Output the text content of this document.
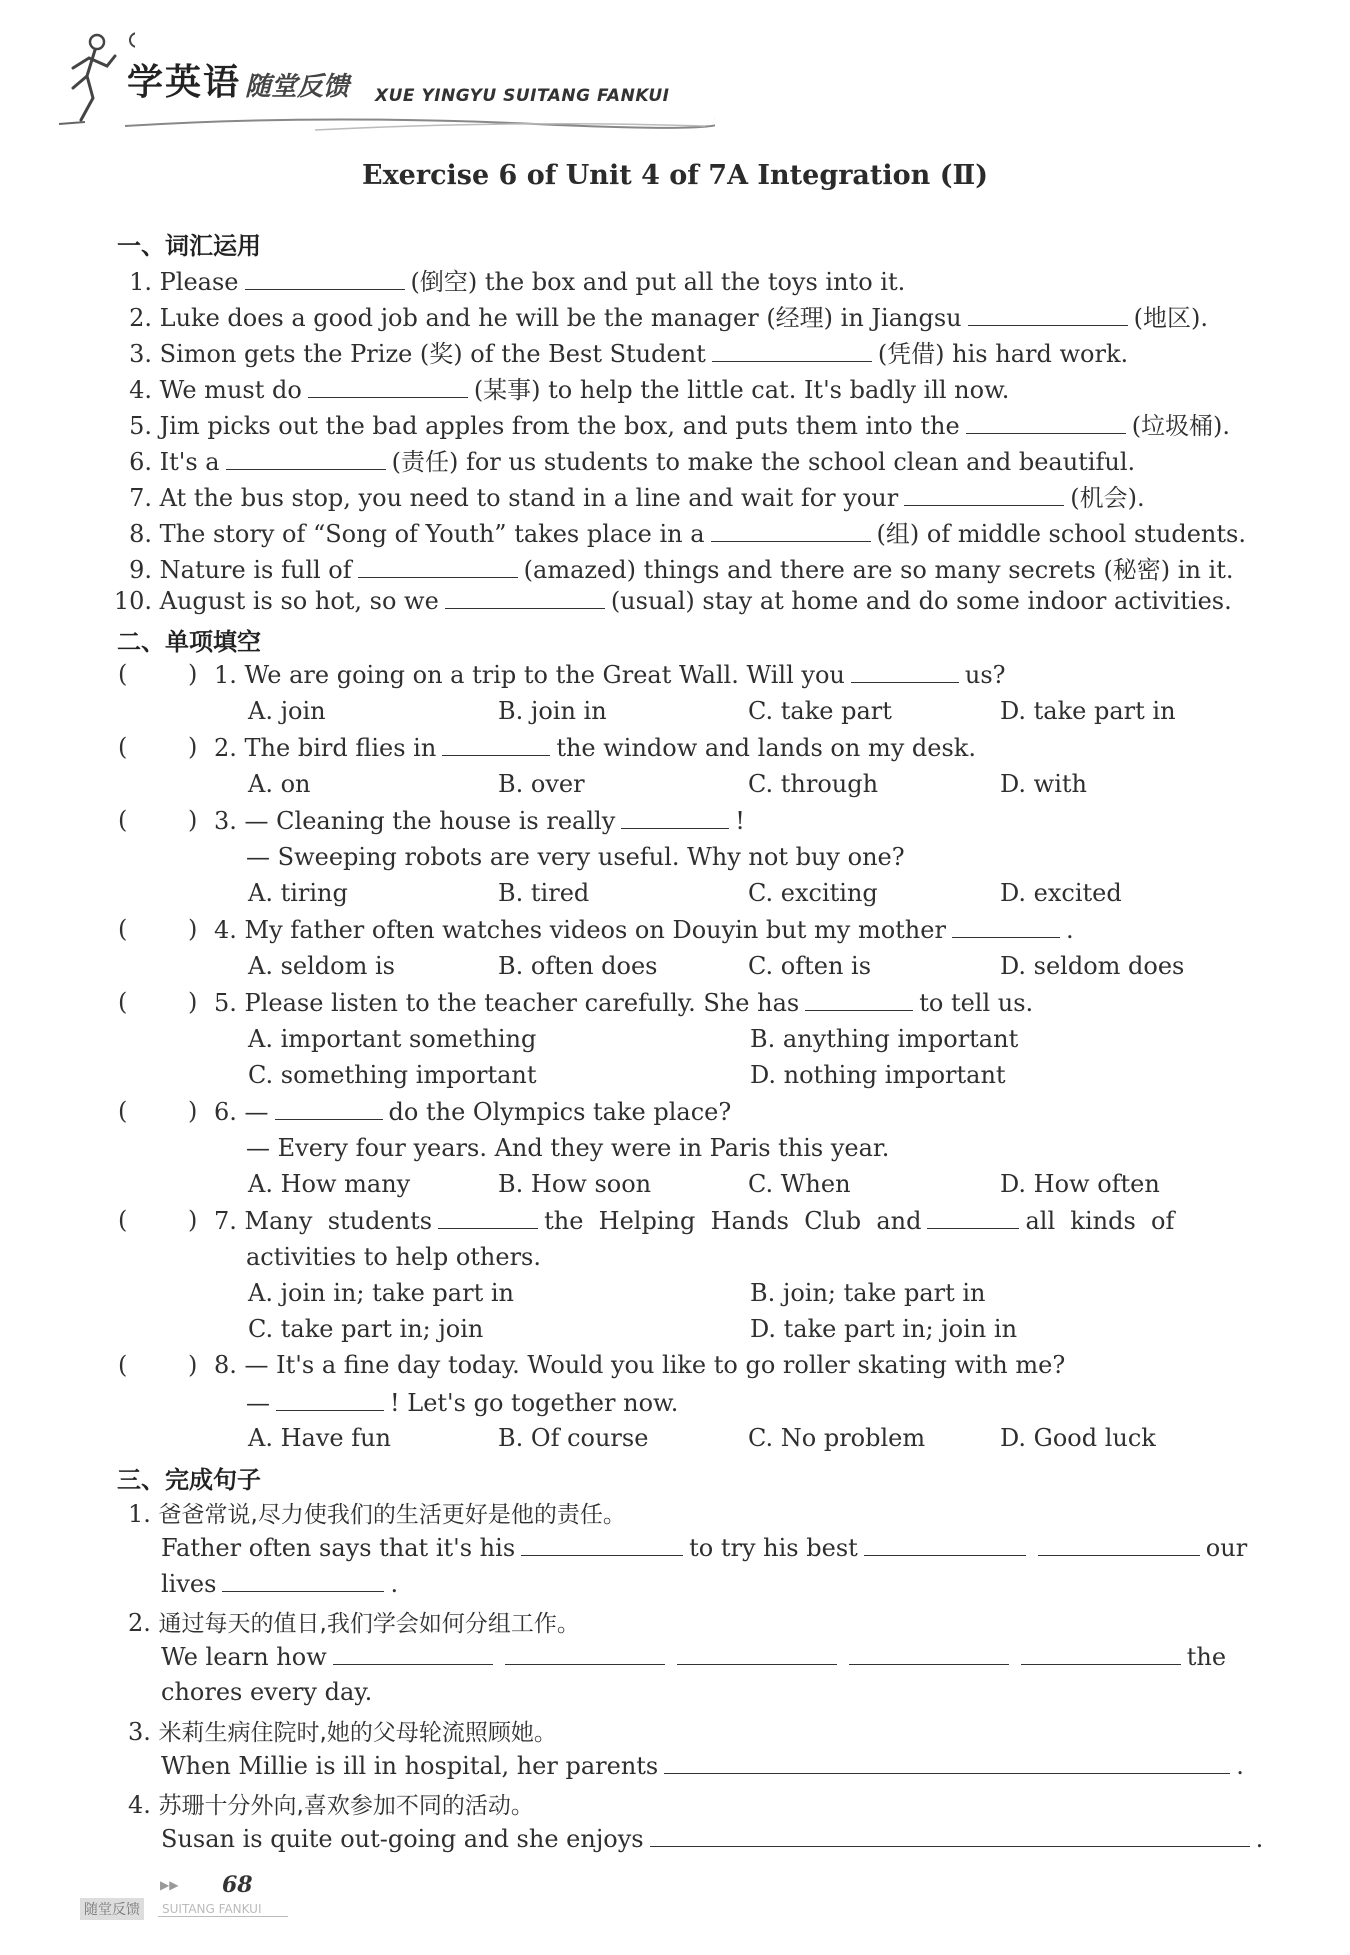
学英语 随堂反馈 XUE YINGYU SUITANG FANKUI
Exercise 6 of Unit 4 of 7A Integration (Ⅱ)
一、词汇运用
1. Please	(倒空) the box and put all the toys into it.
2. Luke does a good job and he will be the manager (经理) in Jiangsu	(地区).
3. Simon gets the Prize (奖) of the Best Student	(凭借) his hard work.
4. We must do	(某事) to help the little cat. It's badly ill now.
5. Jim picks out the bad apples from the box, and puts them into the	(垃圾桶).
6. It's a	(责任) for us students to make the school clean and beautiful.
7. At the bus stop, you need to stand in a line and wait for your	(机会).
8. The story of “Song of Youth” takes place in a	(组) of middle school students.
9. Nature is full of	(amazed) things and there are so many secrets (秘密) in it.
10. August is so hot, so we	(usual) stay at home and do some indoor activities.
二、单项填空
(	) 1. We are going on a trip to the Great Wall. Will you	us?
A. join	B. join in	C. take part	D. take part in
(	) 2. The bird flies in	the window and lands on my desk.
A. on	B. over	C. through	D. with
(	) 3. — Cleaning the house is really	!
— Sweeping robots are very useful. Why not buy one?
A. tiring	B. tired	C. exciting	D. excited
(	) 4. My father often watches videos on Douyin but my mother	.
A. seldom is	B. often does	C. often is	D. seldom does
(	) 5. Please listen to the teacher carefully. She has	to tell us.
A. important something	B. anything important
C. something important	D. nothing important
(	) 6. —	do the Olympics take place?
— Every four years. And they were in Paris this year.
A. How many	B. How soon	C. When	D. How often
(	) 7. Many  students	the  Helping  Hands  Club  and	all  kinds  of
activities to help others.
A. join in; take part in	B. join; take part in
C. take part in; join	D. take part in; join in
(	) 8. — It's a fine day today. Would you like to go roller skating with me?
—	! Let's go together now.
A. Have fun	B. Of course	C. No problem	D. Good luck
三、完成句子
1. 爸爸常说,尽力使我们的生活更好是他的责任。
Father often says that it's his	to try his best	our
lives	.
2. 通过每天的值日,我们学会如何分组工作。
We learn how	the
chores every day.
3. 米莉生病住院时,她的父母轮流照顾她。
When Millie is ill in hospital, her parents	.
4. 苏珊十分外向,喜欢参加不同的活动。
Susan is quite out-going and she enjoys	.
▶▶ 68
随堂反馈	SUITANG FANKUI
